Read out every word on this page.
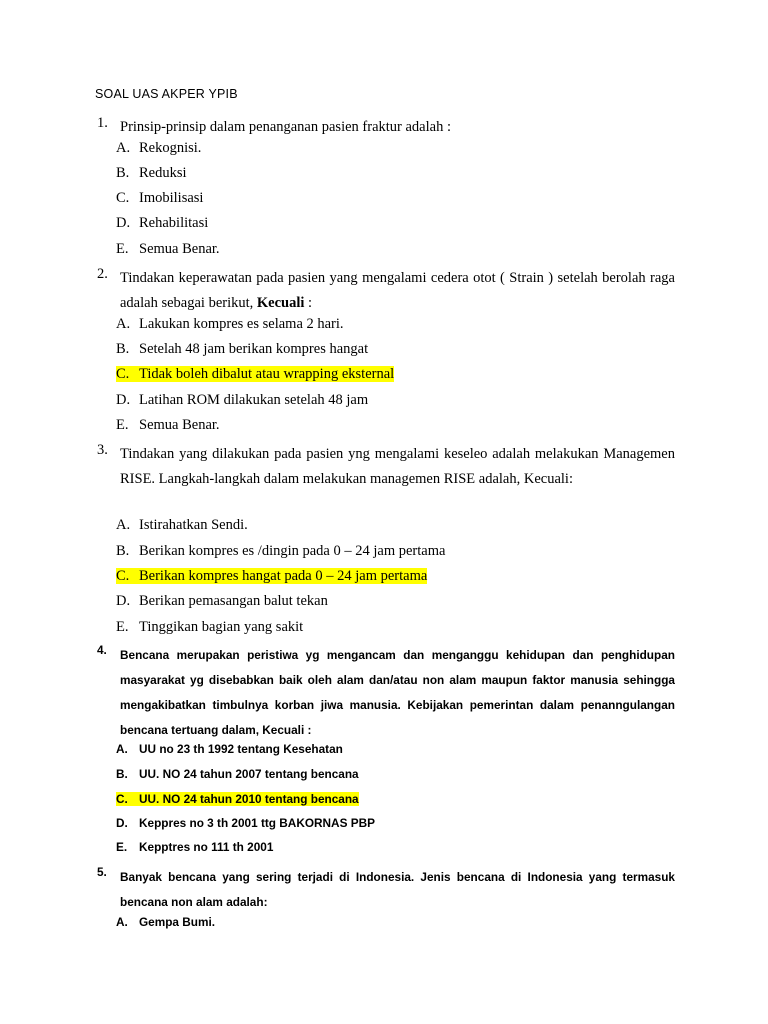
SOAL UAS AKPER YPIB
1. Prinsip-prinsip dalam penanganan pasien fraktur adalah :
A. Rekognisi.
B. Reduksi
C. Imobilisasi
D. Rehabilitasi
E. Semua Benar.
2. Tindakan keperawatan pada pasien yang mengalami cedera otot ( Strain ) setelah berolah raga adalah sebagai berikut, Kecuali :
A. Lakukan kompres es selama 2 hari.
B. Setelah 48 jam berikan kompres hangat
C. Tidak boleh dibalut atau wrapping eksternal
D. Latihan ROM dilakukan setelah 48 jam
E. Semua Benar.
3. Tindakan yang dilakukan pada pasien yng mengalami keseleo adalah melakukan Managemen RISE. Langkah-langkah dalam melakukan managemen RISE adalah, Kecuali:
A. Istirahatkan Sendi.
B. Berikan kompres es /dingin pada 0 – 24 jam pertama
C. Berikan kompres hangat pada 0 – 24 jam pertama
D. Berikan pemasangan balut tekan
E. Tinggikan bagian yang sakit
4. Bencana merupakan peristiwa yg mengancam dan menganggu kehidupan dan penghidupan masyarakat yg disebabkan baik oleh alam dan/atau non alam maupun faktor manusia sehingga mengakibatkan timbulnya korban jiwa manusia. Kebijakan pemerintan dalam penanngulangan bencana tertuang dalam, Kecuali :
A. UU no 23 th 1992 tentang Kesehatan
B. UU. NO 24 tahun 2007 tentang bencana
C. UU. NO 24 tahun 2010 tentang bencana
D. Keppres no 3 th 2001 ttg BAKORNAS PBP
E. Kepptres no 111 th 2001
5. Banyak bencana yang sering terjadi di Indonesia. Jenis bencana di Indonesia yang termasuk bencana non alam adalah:
A. Gempa Bumi.
